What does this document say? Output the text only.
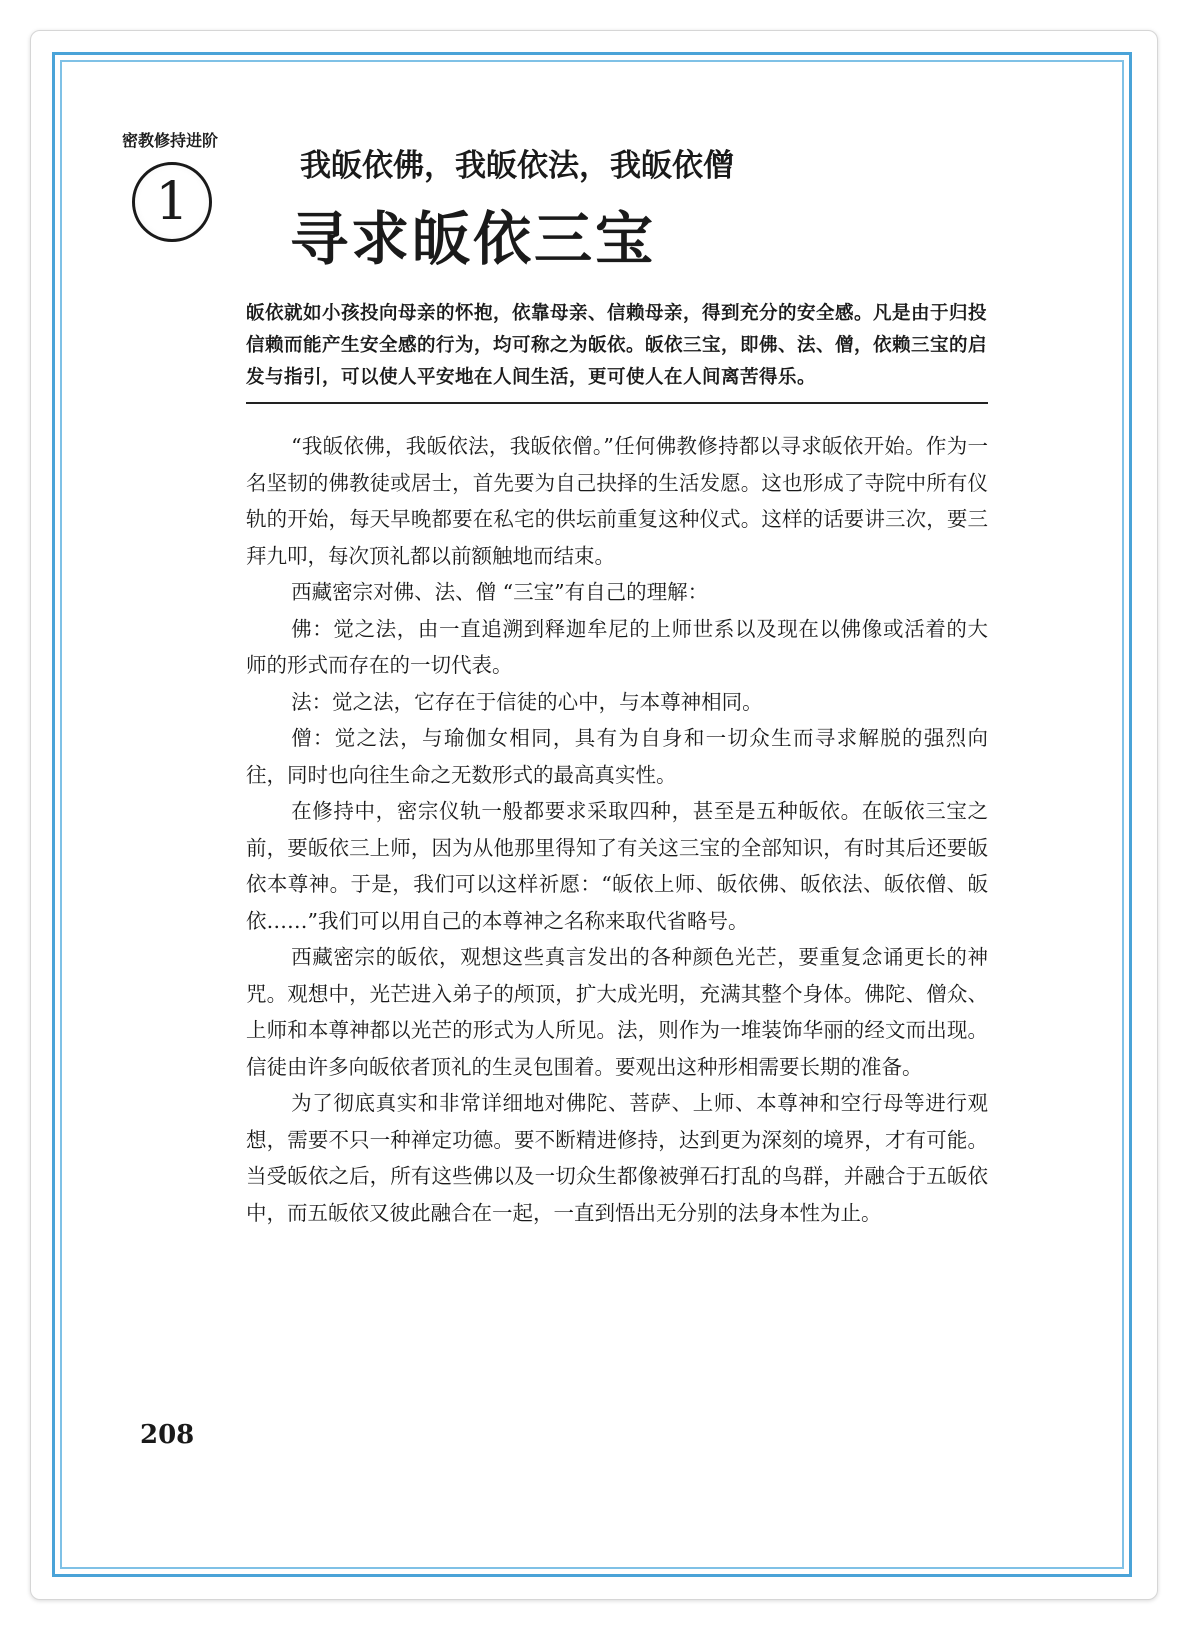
密教修持进阶
1
我皈依佛，我皈依法，我皈依僧
寻求皈依三宝

皈依就如小孩投向母亲的怀抱，依靠母亲、信赖母亲，得到充分的安全感。凡是由于归投信赖而能产生安全感的行为，均可称之为皈依。皈依三宝，即佛、法、僧，依赖三宝的启发与指引，可以使人平安地在人间生活，更可使人在人间离苦得乐。

“我皈依佛，我皈依法，我皈依僧。”任何佛教修持都以寻求皈依开始。作为一名坚韧的佛教徒或居士，首先要为自己抉择的生活发愿。这也形成了寺院中所有仪轨的开始，每天早晚都要在私宅的供坛前重复这种仪式。这样的话要讲三次，要三拜九叩，每次顶礼都以前额触地而结束。

西藏密宗对佛、法、僧 “三宝”有自己的理解：

佛：觉之法，由一直追溯到释迦牟尼的上师世系以及现在以佛像或活着的大师的形式而存在的一切代表。

法：觉之法，它存在于信徒的心中，与本尊神相同。

僧：觉之法，与瑜伽女相同，具有为自身和一切众生而寻求解脱的强烈向往，同时也向往生命之无数形式的最高真实性。

在修持中，密宗仪轨一般都要求采取四种，甚至是五种皈依。在皈依三宝之前，要皈依三上师，因为从他那里得知了有关这三宝的全部知识，有时其后还要皈依本尊神。于是，我们可以这样祈愿：“皈依上师、皈依佛、皈依法、皈依僧、皈依……”我们可以用自己的本尊神之名称来取代省略号。

西藏密宗的皈依，观想这些真言发出的各种颜色光芒，要重复念诵更长的神咒。观想中，光芒进入弟子的颅顶，扩大成光明，充满其整个身体。佛陀、僧众、上师和本尊神都以光芒的形式为人所见。法，则作为一堆装饰华丽的经文而出现。信徒由许多向皈依者顶礼的生灵包围着。要观出这种形相需要长期的准备。

为了彻底真实和非常详细地对佛陀、菩萨、上师、本尊神和空行母等进行观想，需要不只一种禅定功德。要不断精进修持，达到更为深刻的境界，才有可能。当受皈依之后，所有这些佛以及一切众生都像被弹石打乱的鸟群，并融合于五皈依中，而五皈依又彼此融合在一起，一直到悟出无分别的法身本性为止。

208
